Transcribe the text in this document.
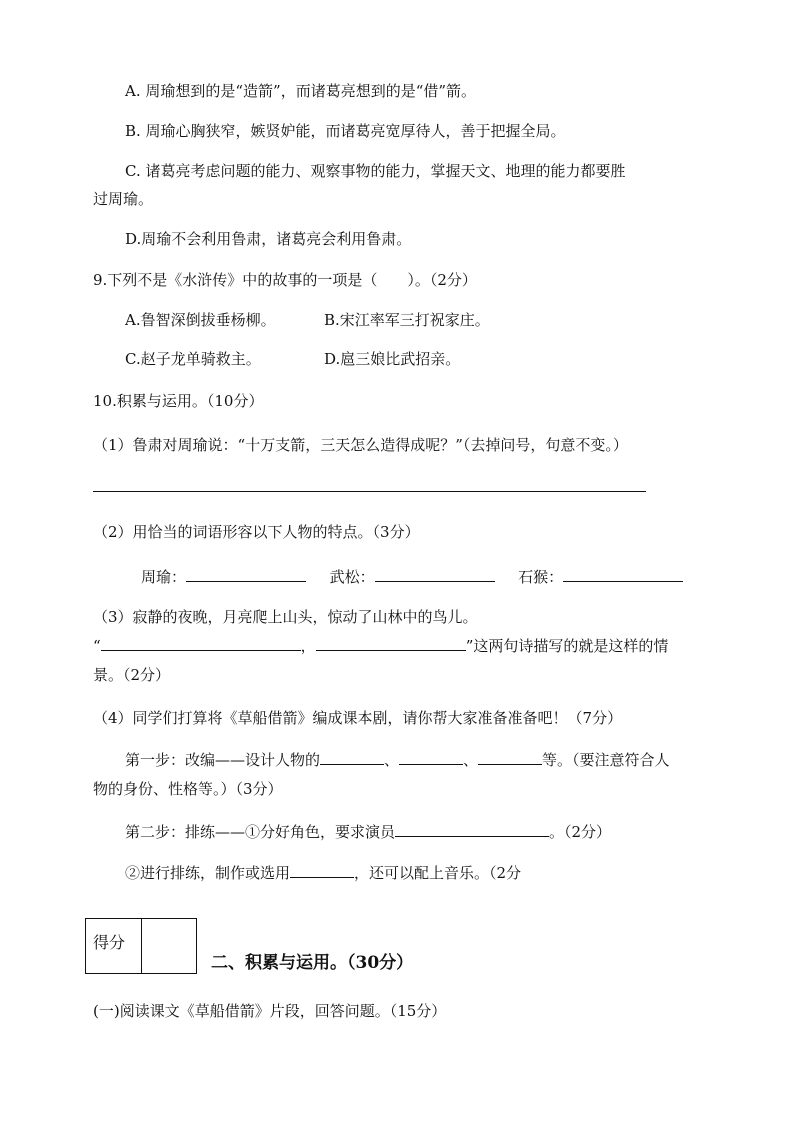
A. 周瑜想到的是“造箭”，而诸葛亮想到的是“借”箭。
B. 周瑜心胸狭窄，嫉贤妒能，而诸葛亮宽厚待人，善于把握全局。
C. 诸葛亮考虑问题的能力、观察事物的能力，掌握天文、地理的能力都要胜
过周瑜。
D.周瑜不会利用鲁肃，诸葛亮会利用鲁肃。
9.下列不是《水浒传》中的故事的一项是（　　）。（2分）
A.鲁智深倒拔垂杨柳。	B.宋江率军三打祝家庄。
C.赵子龙单骑救主。	D.扈三娘比武招亲。
10.积累与运用。（10分）
（1）鲁肃对周瑜说：“十万支箭，三天怎么造得成呢？”（去掉问号，句意不变。）
（2）用恰当的词语形容以下人物的特点。（3分）
周瑜：	武松：	石猴：
（3）寂静的夜晚，月亮爬上山头，惊动了山林中的鸟儿。
“	，	”这两句诗描写的就是这样的情
景。（2分）
（4）同学们打算将《草船借箭》编成课本剧，请你帮大家准备准备吧！（7分）
第一步：改编——设计人物的	、	、	等。（要注意符合人
物的身份、性格等。）（3分）
第二步：排练——①分好角色，要求演员	。（2分）
②进行排练，制作或选用	，还可以配上音乐。（2分
得分
二、积累与运用。（30分）
(一)阅读课文《草船借箭》片段，回答问题。（15分）
